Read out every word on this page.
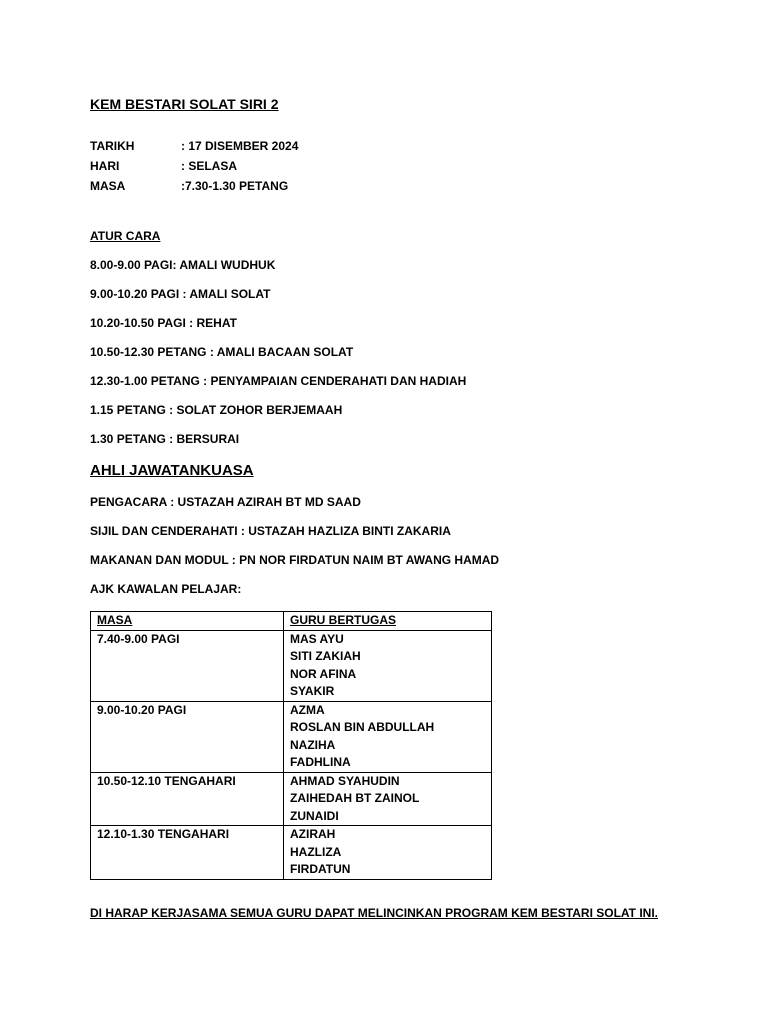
KEM BESTARI SOLAT SIRI 2

TARIKH	: 17 DISEMBER 2024
HARI	: SELASA
MASA	:7.30-1.30 PETANG

ATUR CARA

8.00-9.00 PAGI: AMALI WUDHUK

9.00-10.20 PAGI : AMALI SOLAT

10.20-10.50 PAGI : REHAT

10.50-12.30 PETANG : AMALI BACAAN SOLAT

12.30-1.00 PETANG : PENYAMPAIAN CENDERAHATI DAN HADIAH

1.15 PETANG : SOLAT ZOHOR BERJEMAAH

1.30 PETANG : BERSURAI

AHLI JAWATANKUASA

PENGACARA : USTAZAH AZIRAH BT MD SAAD

SIJIL DAN CENDERAHATI : USTAZAH HAZLIZA BINTI ZAKARIA

MAKANAN DAN MODUL : PN NOR FIRDATUN NAIM BT AWANG HAMAD

AJK KAWALAN PELAJAR:

MASA	GURU BERTUGAS
7.40-9.00 PAGI	MAS AYU
SITI ZAKIAH
NOR AFINA
SYAKIR

9.00-10.20 PAGI	AZMA
ROSLAN BIN ABDULLAH
NAZIHA
FADHLINA

10.50-12.10 TENGAHARI	AHMAD SYAHUDIN
ZAIHEDAH BT ZAINOL
ZUNAIDI

12.10-1.30 TENGAHARI	AZIRAH
HAZLIZA
FIRDATUN

DI HARAP KERJASAMA SEMUA GURU DAPAT MELINCINKAN PROGRAM KEM BESTARI SOLAT INI.
